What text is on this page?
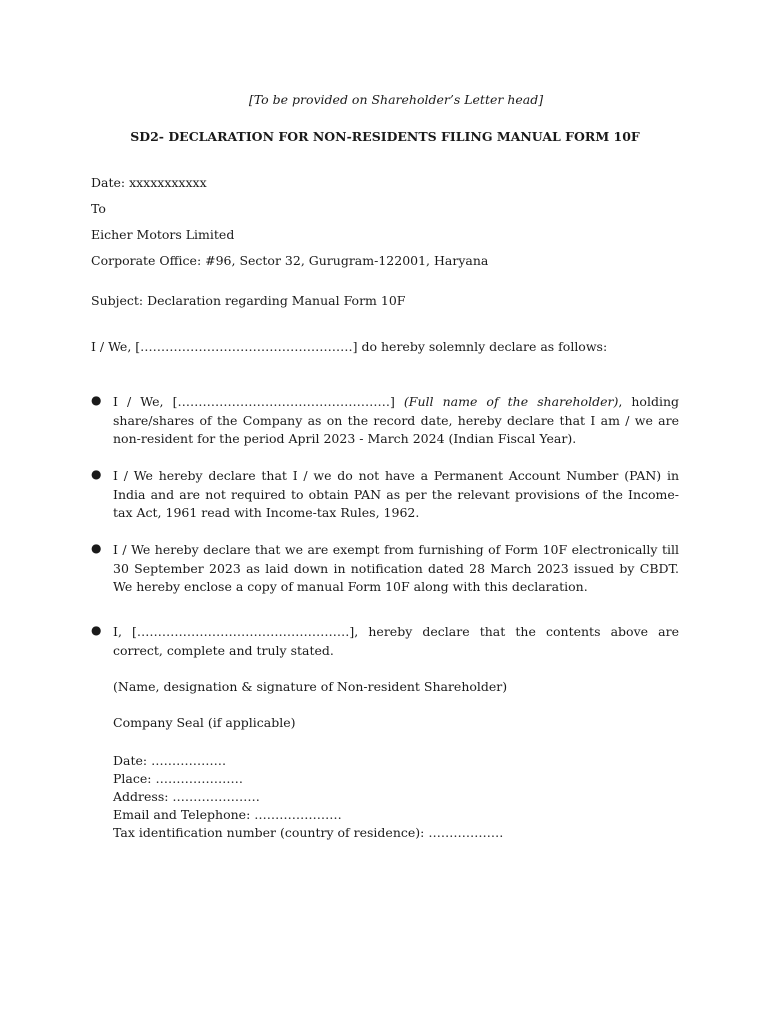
[To be provided on Shareholder’s Letter head]
SD2- DECLARATION FOR NON-RESIDENTS FILING MANUAL FORM 10F
Date: xxxxxxxxxxx
To
Eicher Motors Limited
Corporate Office: #96, Sector 32, Gurugram-122001, Haryana
Subject: Declaration regarding Manual Form 10F
I / We, [……………………………………………] do hereby solemnly declare as follows:
● I / We, [……………………………………………] (Full name of the shareholder), holding share/shares of the Company as on the record date, hereby declare that I am / we are non-resident for the period April 2023 - March 2024 (Indian Fiscal Year).
● I / We hereby declare that I / we do not have a Permanent Account Number (PAN) in India and are not required to obtain PAN as per the relevant provisions of the Income-tax Act, 1961 read with Income-tax Rules, 1962.
● I / We hereby declare that we are exempt from furnishing of Form 10F electronically till 30 September 2023 as laid down in notification dated 28 March 2023 issued by CBDT. We hereby enclose a copy of manual Form 10F along with this declaration.
● I, [……………………………………………], hereby declare that the contents above are correct, complete and truly stated.
(Name, designation & signature of Non-resident Shareholder)
Company Seal (if applicable)
Date: ………………
Place: …………………
Address: …………………
Email and Telephone: …………………
Tax identification number (country of residence): ………………
